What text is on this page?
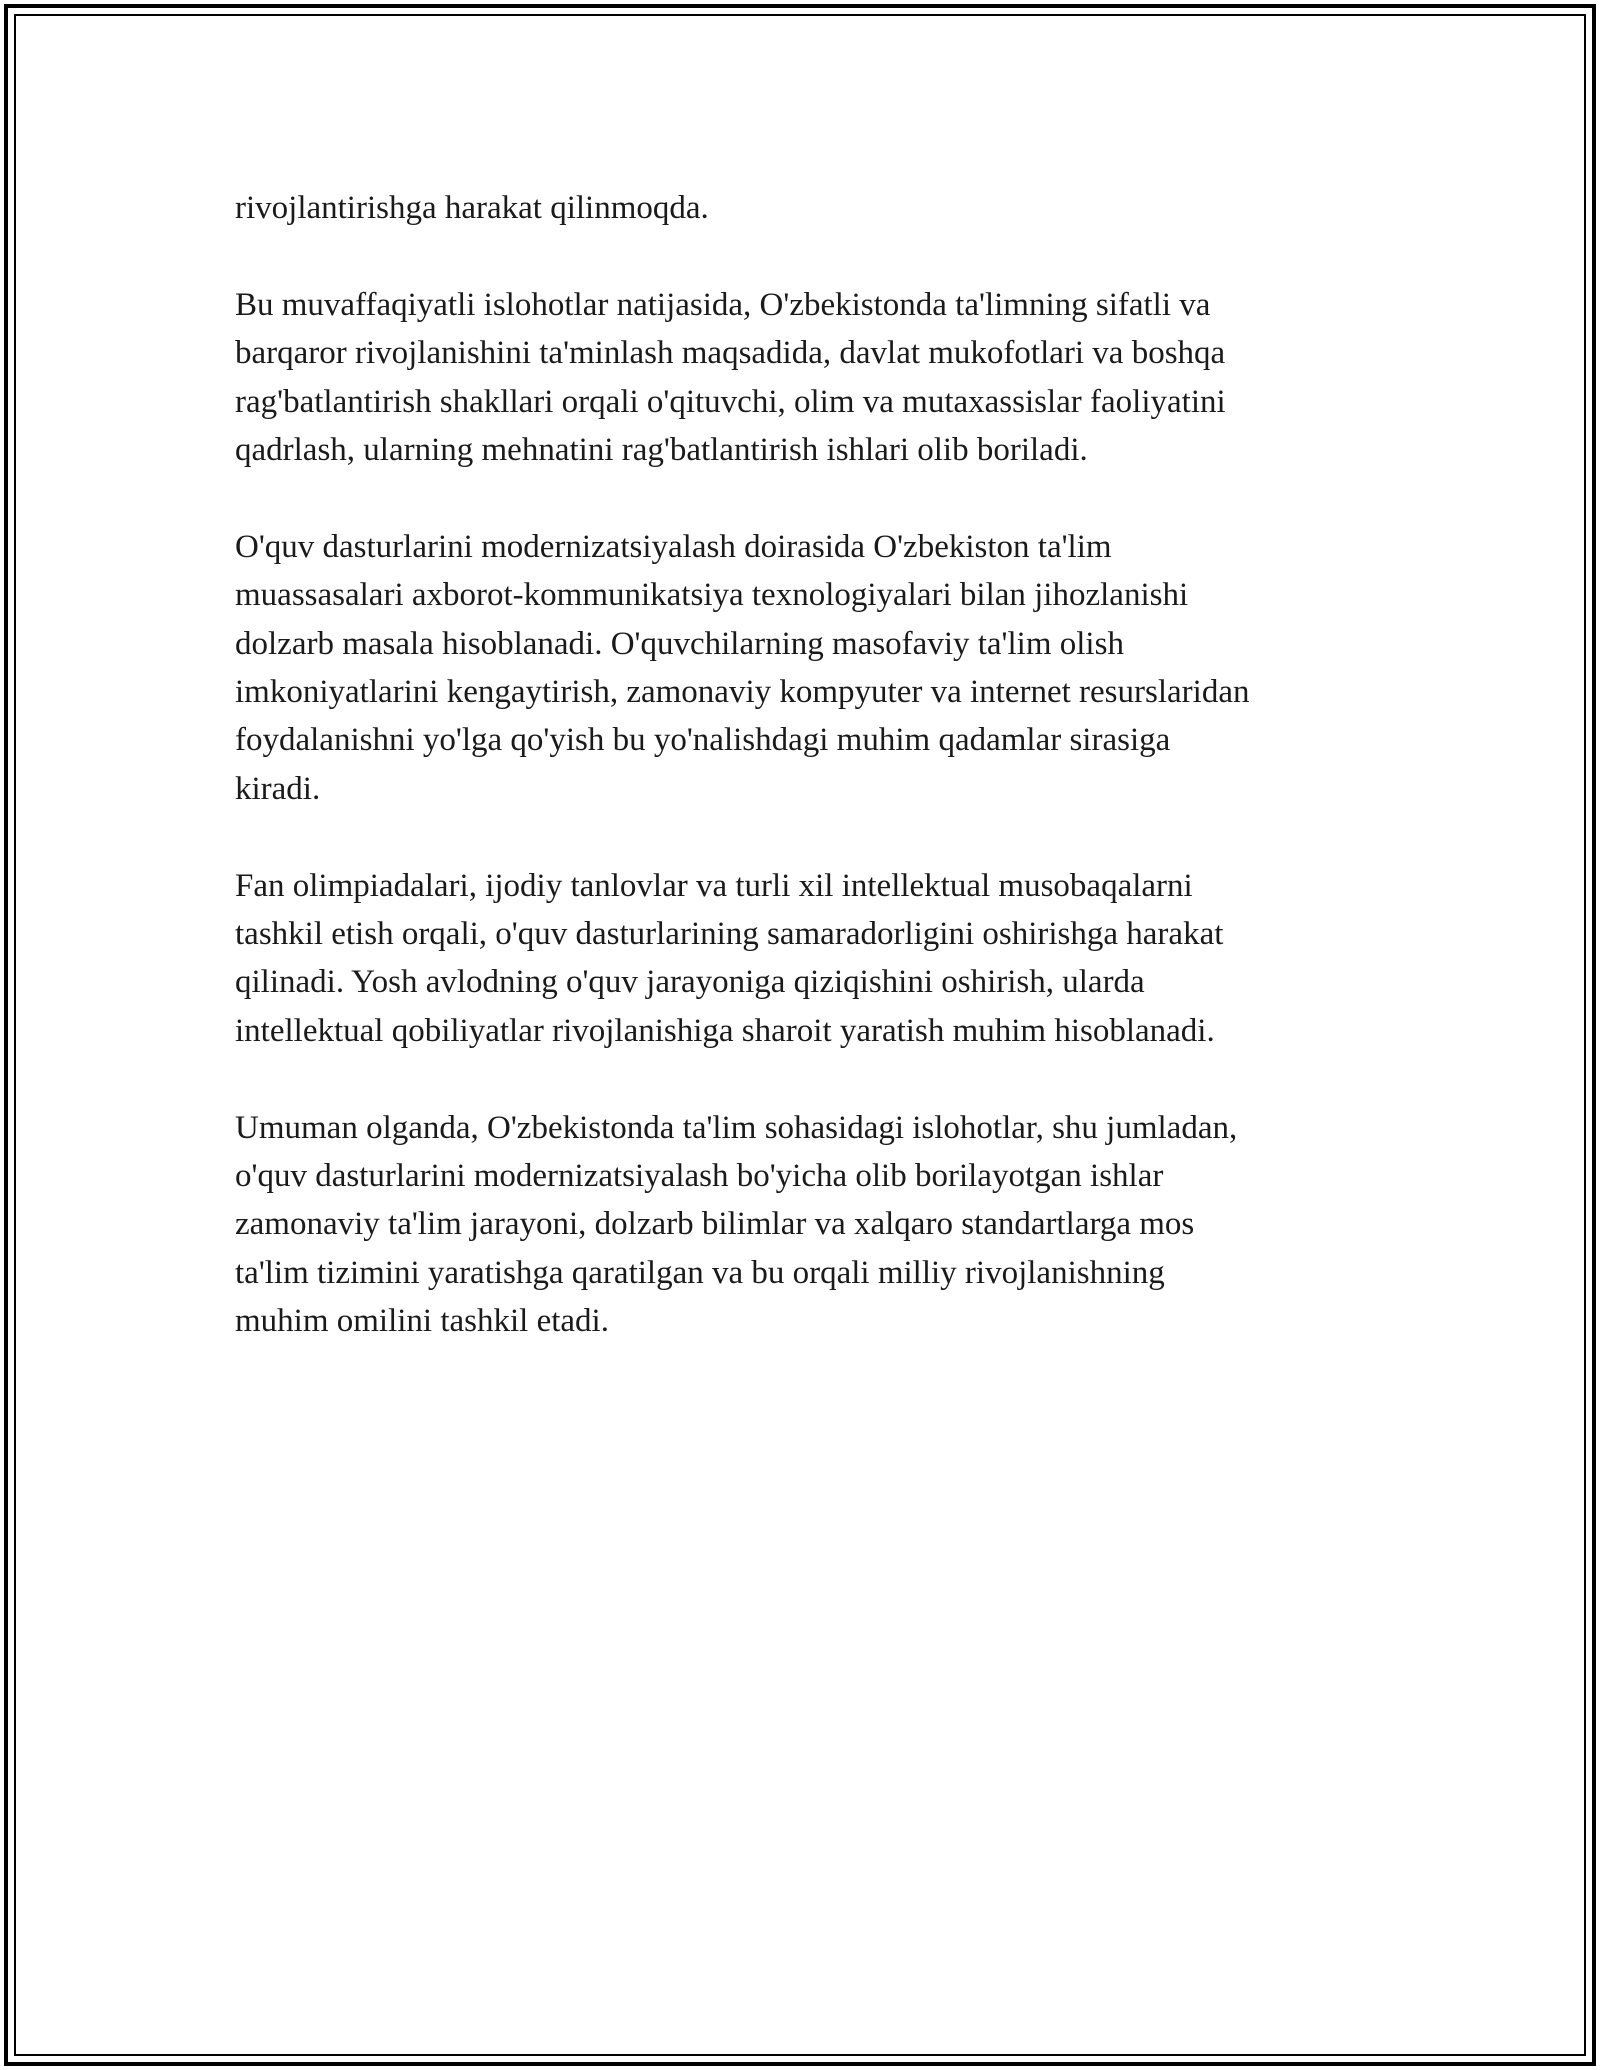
rivojlantirishga harakat qilinmoqda.

Bu muvaffaqiyatli islohotlar natijasida, O'zbekistonda ta'limning sifatli va
barqaror rivojlanishini ta'minlash maqsadida, davlat mukofotlari va boshqa
rag'batlantirish shakllari orqali o'qituvchi, olim va mutaxassislar faoliyatini
qadrlash, ularning mehnatini rag'batlantirish ishlari olib boriladi.

O'quv dasturlarini modernizatsiyalash doirasida O'zbekiston ta'lim
muassasalari axborot-kommunikatsiya texnologiyalari bilan jihozlanishi
dolzarb masala hisoblanadi. O'quvchilarning masofaviy ta'lim olish
imkoniyatlarini kengaytirish, zamonaviy kompyuter va internet resurslaridan
foydalanishni yo'lga qo'yish bu yo'nalishdagi muhim qadamlar sirasiga
kiradi.

Fan olimpiadalari, ijodiy tanlovlar va turli xil intellektual musobaqalarni
tashkil etish orqali, o'quv dasturlarining samaradorligini oshirishga harakat
qilinadi. Yosh avlodning o'quv jarayoniga qiziqishini oshirish, ularda
intellektual qobiliyatlar rivojlanishiga sharoit yaratish muhim hisoblanadi.

Umuman olganda, O'zbekistonda ta'lim sohasidagi islohotlar, shu jumladan,
o'quv dasturlarini modernizatsiyalash bo'yicha olib borilayotgan ishlar
zamonaviy ta'lim jarayoni, dolzarb bilimlar va xalqaro standartlarga mos
ta'lim tizimini yaratishga qaratilgan va bu orqali milliy rivojlanishning
muhim omilini tashkil etadi.
